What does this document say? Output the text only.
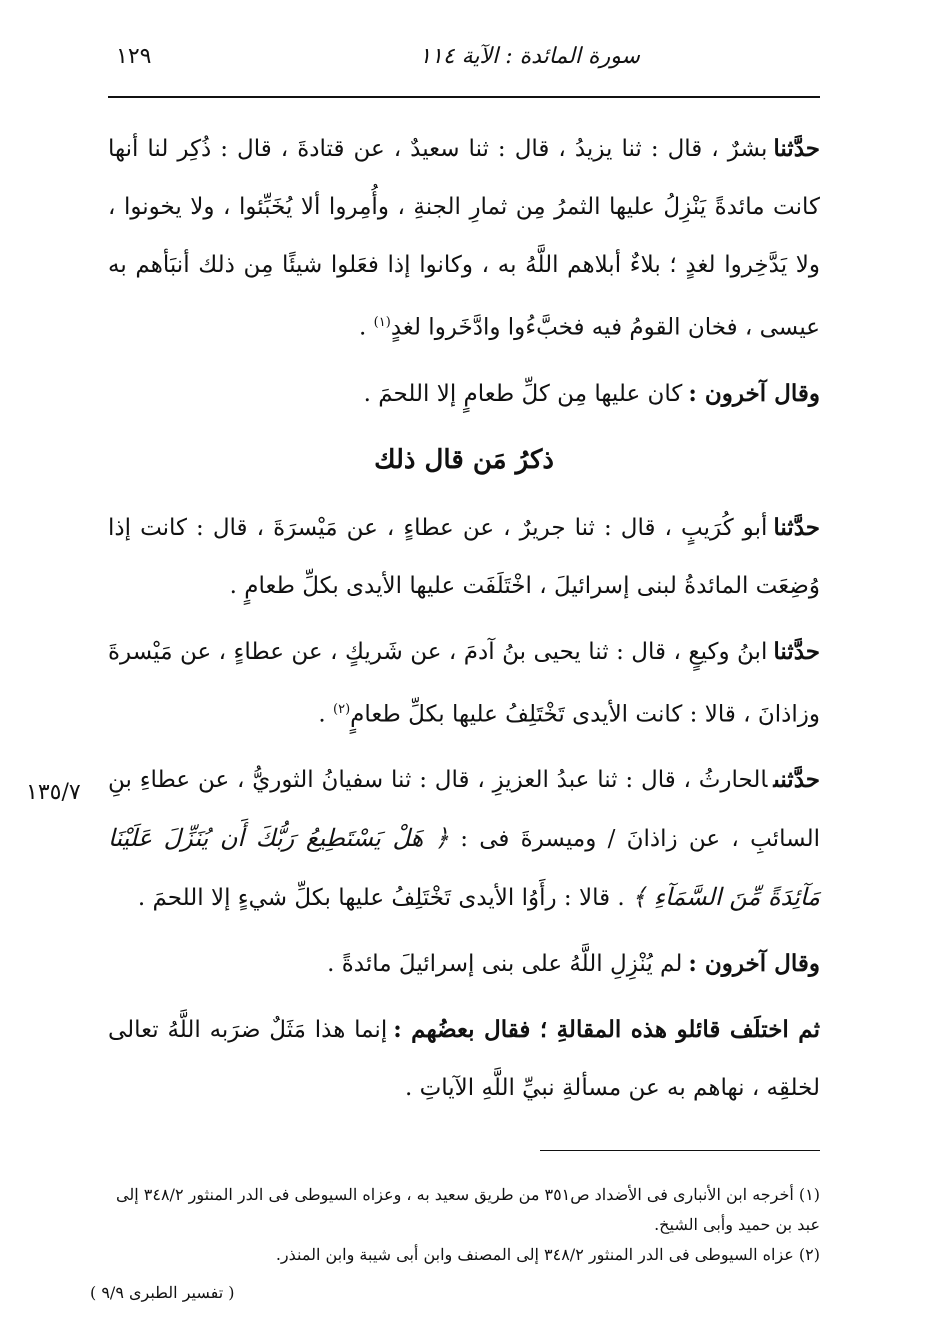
١٢٩	سورة المائدة : الآية ١١٤

حدَّثنابشرٌ ، قال : ثنا يزيدُ ، قال : ثنا سعيدٌ ، عن قتادةَ ، قال : ذُكِر لنا أنها كانت مائدةً يَنْزِلُ عليها الثمرُ مِن ثمارِ الجنةِ ، وأُمِروا ألا يُخَبِّئوا ، ولا يخونوا ، ولا يَدَّخِروا لغدٍ ؛ بلاءٌ أبلاهم اللَّهُ به ، وكانوا إذا فعَلوا شيئًا مِن ذلك أنبَأهم به عيسى ، فخان القومُ فيه فخبَّءُوا وادَّخَروا لغدٍ$^{(١)}$ .

وقال آخرون :كان عليها مِن كلِّ طعامٍ إلا اللحمَ .

ذكرُ مَن قال ذلك

حدَّثناأبو كُرَيبٍ ، قال : ثنا جريرٌ ، عن عطاءٍ ، عن مَيْسرَةَ ، قال : كانت إذا وُضِعَت المائدةُ لبنى إسرائيلَ ، اخْتَلَفَت عليها الأيدى بكلِّ طعامٍ .

حدَّثناابنُ وكيعٍ ، قال : ثنا يحيى بنُ آدمَ ، عن شَريكٍ ، عن عطاءٍ ، عن مَيْسرةَ وزاذانَ ، قالا : كانت الأيدى تَخْتَلِفُ عليها بكلِّ طعامٍ$^{(٢)}$ .

حدَّثنىالحارثُ ، قال : ثنا عبدُ العزيزِ ، قال : ثنا سفيانُ الثوريُّ ، عن عطاءِ بنِ السائبِ ، عن زاذانَ / وميسرةَ فى : ﴿ هَلْ يَسْتَطِيعُ رَبُّكَ أَن يُنَزِّلَ عَلَيْنَا مَآئِدَةً مِّنَ السَّمَآءِ ﴾ . قالا : رأَوُا الأيدى تَخْتَلِفُ عليها بكلِّ شيءٍ إلا اللحمَ .

وقال آخرون :لم يُنْزِلِ اللَّهُ على بنى إسرائيلَ مائدةً .

ثم اختلَف قائلو هذه المقالةِ ؛ فقال بعضُهم :إنما هذا مَثَلٌ ضرَبه اللَّهُ تعالى لخلقِه ، نهاهم به عن مسألةِ نبيِّ اللَّهِ الآياتِ .

١٣٥/٧

(١) أخرجه ابن الأنبارى فى الأضداد ص٣٥١ من طريق سعيد به ، وعزاه السيوطى فى الدر المنثور ٣٤٨/٢ إلى عبد بن حميد وأبى الشيخ.

(٢) عزاه السيوطى فى الدر المنثور ٣٤٨/٢ إلى المصنف وابن أبى شيبة وابن المنذر.

( تفسير الطبرى ٩/٩ )
